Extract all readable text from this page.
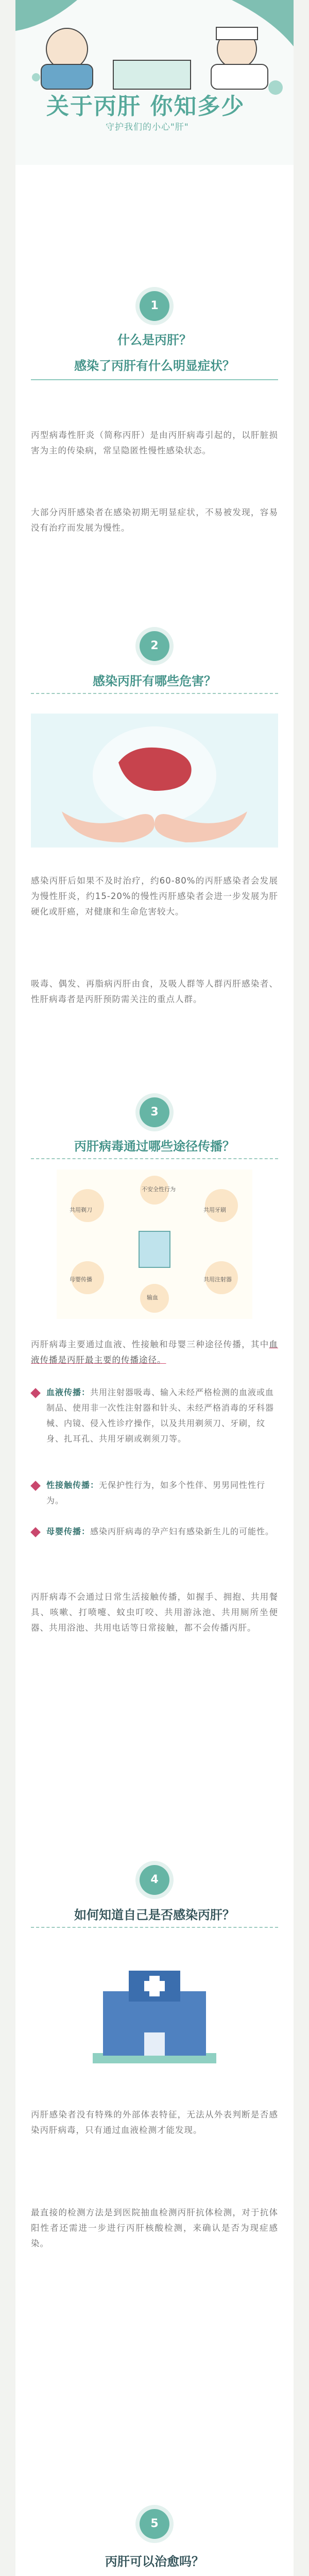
关于丙肝 你知多少
守护我们的小心"肝"
1
什么是丙肝？
感染了丙肝有什么明显症状？
丙型病毒性肝炎（简称丙肝）是由丙肝病毒引起的，以肝脏损害为主的传染病，常呈隐匿性慢性感染状态。
大部分丙肝感染者在感染初期无明显症状，不易被发现，容易没有治疗而发展为慢性。
2
感染丙肝有哪些危害？
感染丙肝后如果不及时治疗，约60-80%的丙肝感染者会发展为慢性肝炎，约15-20%的慢性丙肝感染者会进一步发展为肝硬化或肝癌，对健康和生命危害较大。
吸毒、偶发、再脂病丙肝由食，及吸人群等人群丙肝感染者、性肝病毒者是丙肝预防需关注的重点人群。
3
丙肝病毒通过哪些途径传播？
共用剃刀	共用牙刷
不安全性行为
母婴传播	共用注射器
输血
丙肝病毒主要通过血液、性接触和母婴三种途径传播，其中血液传播是丙肝最主要的传播途径。
血液传播：共用注射器吸毒、输入未经严格检测的血液或血制品、使用非一次性注射器和针头、未经严格消毒的牙科器械、内镜、侵入性诊疗操作，以及共用剃须刀、牙刷，纹身、扎耳孔、共用牙刷或剃须刀等。
性接触传播：无保护性行为，如多个性伴、男男同性性行为。
母婴传播：感染丙肝病毒的孕产妇有感染新生儿的可能性。
丙肝病毒不会通过日常生活接触传播，如握手、拥抱、共用餐具、咳嗽、打喷嚏、蚊虫叮咬、共用游泳池、共用厕所坐便器、共用浴池、共用电话等日常接触，都不会传播丙肝。
4
如何知道自己是否感染丙肝？
丙肝感染者没有特殊的外部体表特征，无法从外表判断是否感染丙肝病毒，只有通过血液检测才能发现。
最直接的检测方法是到医院抽血检测丙肝抗体检测，对于抗体阳性者还需进一步进行丙肝核酸检测，来确认是否为现症感染。
5
丙肝可以治愈吗？
